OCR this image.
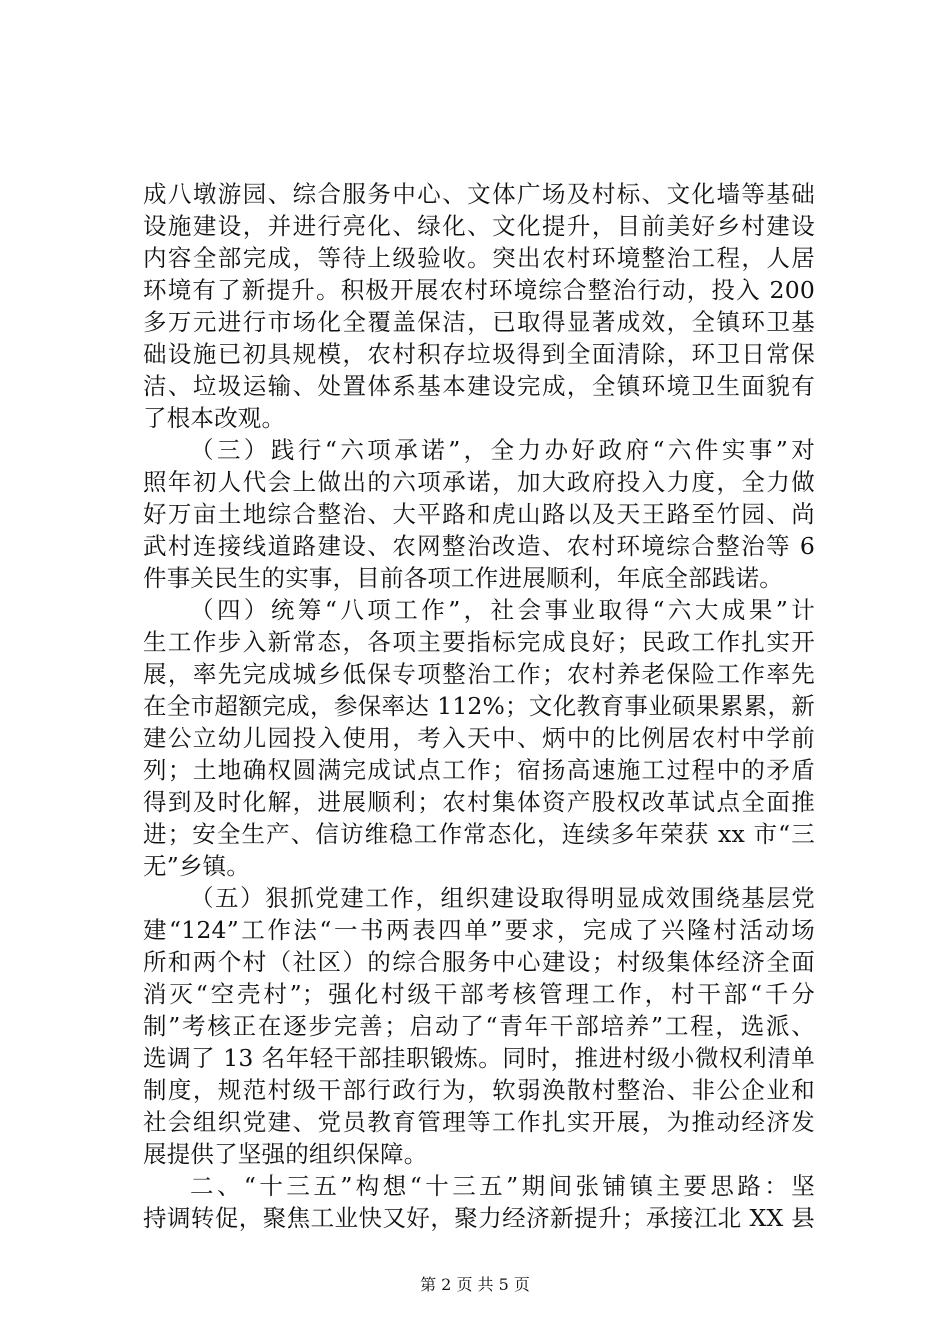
成八墩游园、综合服务中心、文体广场及村标、文化墙等基础
设施建设，并进行亮化、绿化、文化提升，目前美好乡村建设
内容全部完成，等待上级验收。突出农村环境整治工程，人居
环境有了新提升。积极开展农村环境综合整治行动，投入 200
多万元进行市场化全覆盖保洁，已取得显著成效，全镇环卫基
础设施已初具规模，农村积存垃圾得到全面清除，环卫日常保
洁、垃圾运输、处置体系基本建设完成，全镇环境卫生面貌有
了根本改观。
（三）践行“六项承诺”，全力办好政府“六件实事”对
照年初人代会上做出的六项承诺，加大政府投入力度，全力做
好万亩土地综合整治、大平路和虎山路以及天王路至竹园、尚
武村连接线道路建设、农网整治改造、农村环境综合整治等 6
件事关民生的实事，目前各项工作进展顺利，年底全部践诺。
（四）统筹“八项工作”，社会事业取得“六大成果”计
生工作步入新常态，各项主要指标完成良好；民政工作扎实开
展，率先完成城乡低保专项整治工作；农村养老保险工作率先
在全市超额完成，参保率达 112%；文化教育事业硕果累累，新
建公立幼儿园投入使用，考入天中、炳中的比例居农村中学前
列；土地确权圆满完成试点工作；宿扬高速施工过程中的矛盾
得到及时化解，进展顺利；农村集体资产股权改革试点全面推
进；安全生产、信访维稳工作常态化，连续多年荣获 xx 市“三
无”乡镇。
（五）狠抓党建工作，组织建设取得明显成效围绕基层党
建“124”工作法“一书两表四单”要求，完成了兴隆村活动场
所和两个村（社区）的综合服务中心建设；村级集体经济全面
消灭“空壳村”；强化村级干部考核管理工作，村干部“千分
制”考核正在逐步完善；启动了“青年干部培养”工程，选派、
选调了 13 名年轻干部挂职锻炼。同时，推进村级小微权利清单
制度，规范村级干部行政行为，软弱涣散村整治、非公企业和
社会组织党建、党员教育管理等工作扎实开展，为推动经济发
展提供了坚强的组织保障。
二、“十三五”构想“十三五”期间张铺镇主要思路：坚
持调转促，聚焦工业快又好，聚力经济新提升；承接江北 XX 县
第 2 页 共 5 页
